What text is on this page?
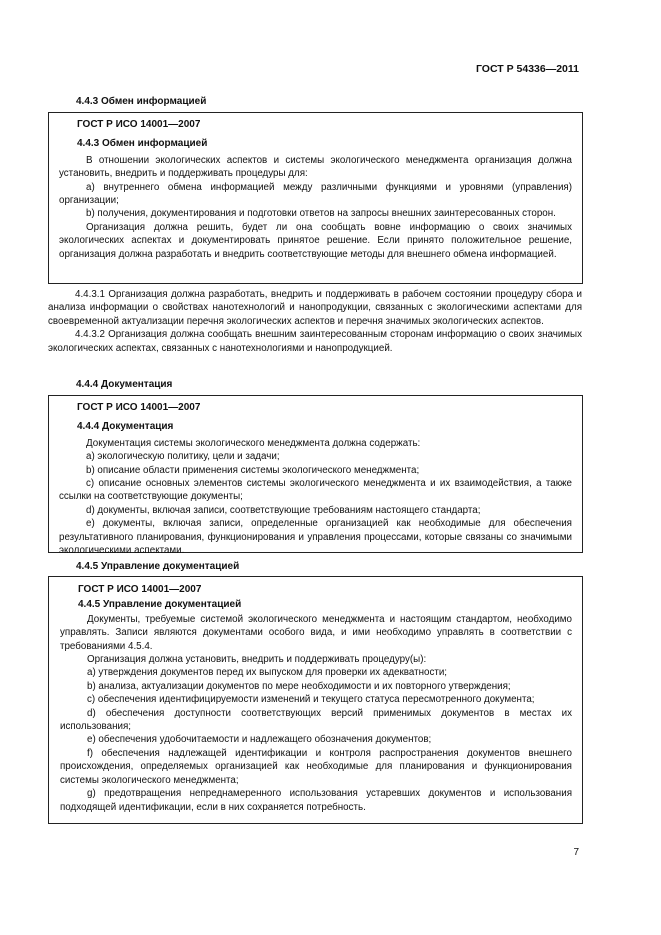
ГОСТ Р 54336—2011
4.4.3 Обмен информацией
ГОСТ Р ИСО 14001—2007
4.4.3 Обмен информацией

В отношении экологических аспектов и системы экологического менеджмента организация должна установить, внедрить и поддерживать процедуры для:

a) внутреннего обмена информацией между различными функциями и уровнями (управления) организации;

b) получения, документирования и подготовки ответов на запросы внешних заинтересованных сторон.

Организация должна решить, будет ли она сообщать вовне информацию о своих значимых экологических аспектах и документировать принятое решение. Если принято положительное решение, организация должна разработать и внедрить соответствующие методы для внешнего обмена информацией.

4.4.3.1 Организация должна разработать, внедрить и поддерживать в рабочем состоянии процедуру сбора и анализа информации о свойствах нанотехнологий и нанопродукции, связанных с экологическими аспектами для своевременной актуализации перечня экологических аспектов и перечня значимых экологических аспектов.

4.4.3.2 Организация должна сообщать внешним заинтересованным сторонам информацию о своих значимых экологических аспектах, связанных с нанотехнологиями и нанопродукцией.

4.4.4 Документация
ГОСТ Р ИСО 14001—2007
4.4.4 Документация

Документация системы экологического менеджмента должна содержать:

a) экологическую политику, цели и задачи;

b) описание области применения системы экологического менеджмента;

c) описание основных элементов системы экологического менеджмента и их взаимодействия, а также ссылки на соответствующие документы;

d) документы, включая записи, соответствующие требованиям настоящего стандарта;

e) документы, включая записи, определенные организацией как необходимые для обеспечения результативного планирования, функционирования и управления процессами, которые связаны со значимыми экологическими аспектами.

4.4.5 Управление документацией
ГОСТ Р ИСО 14001—2007
4.4.5 Управление документацией

Документы, требуемые системой экологического менеджмента и настоящим стандартом, необходимо управлять. Записи являются документами особого вида, и ими необходимо управлять в соответствии с требованиями 4.5.4.

Организация должна установить, внедрить и поддерживать процедуру(ы):

a) утверждения документов перед их выпуском для проверки их адекватности;

b) анализа, актуализации документов по мере необходимости и их повторного утверждения;

c) обеспечения идентифицируемости изменений и текущего статуса пересмотренного документа;

d) обеспечения доступности соответствующих версий применимых документов в местах их использования;

e) обеспечения удобочитаемости и надлежащего обозначения документов;

f) обеспечения надлежащей идентификации и контроля распространения документов внешнего происхождения, определяемых организацией как необходимые для планирования и функционирования системы экологического менеджмента;

g) предотвращения непреднамеренного использования устаревших документов и использования подходящей идентификации, если в них сохраняется потребность.

7
